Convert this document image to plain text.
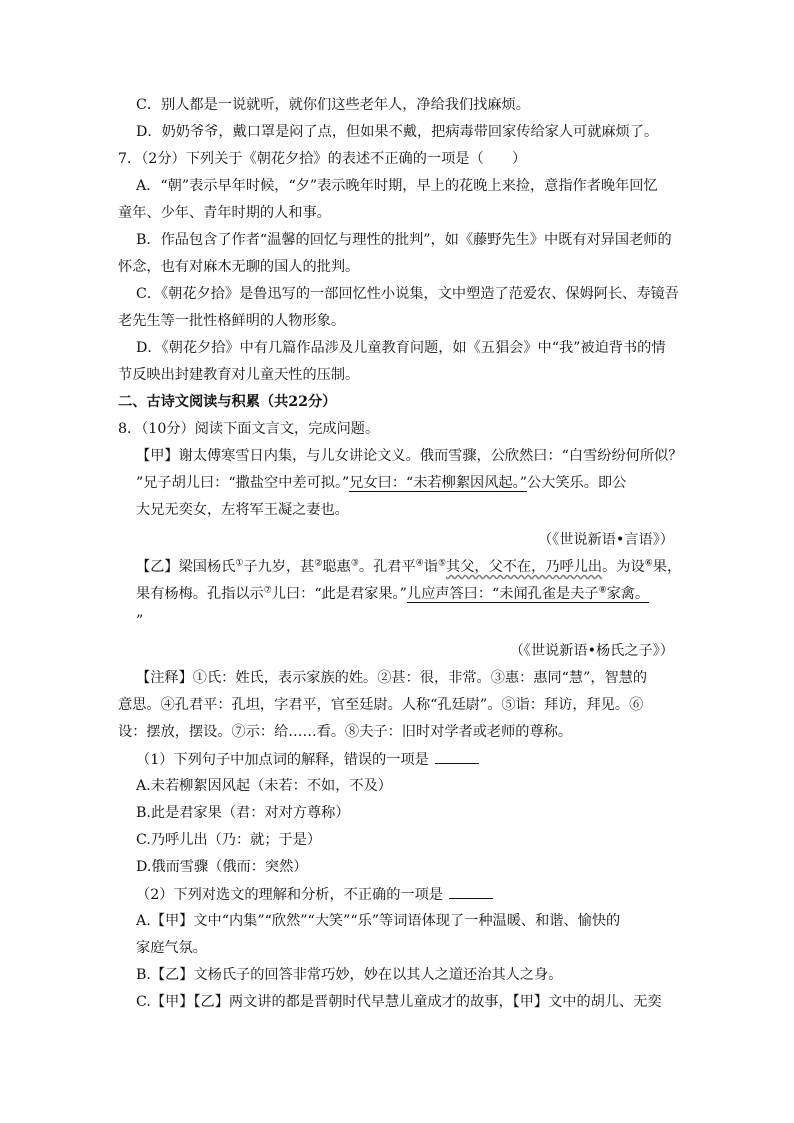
C．别人都是一说就听，就你们这些老年人，净给我们找麻烦。
D．奶奶爷爷，戴口罩是闷了点，但如果不戴，把病毒带回家传给家人可就麻烦了。
7．（2分）下列关于《朝花夕拾》的表述不正确的一项是（　　）
A．“朝”表示早年时候，“夕”表示晚年时期，早上的花晚上来捡，意指作者晚年回忆
童年、少年、青年时期的人和事。
B．作品包含了作者“温馨的回忆与理性的批判”，如《藤野先生》中既有对异国老师的
怀念，也有对麻木无聊的国人的批判。
C．《朝花夕拾》是鲁迅写的一部回忆性小说集，文中塑造了范爱农、保姆阿长、寿镜吾
老先生等一批性格鲜明的人物形象。
D．《朝花夕拾》中有几篇作品涉及儿童教育问题，如《五猖会》中“我”被迫背书的情
节反映出封建教育对儿童天性的压制。
二、古诗文阅读与积累（共22分）
8．（10分）阅读下面文言文，完成问题。
【甲】谢太傅寒雪日内集，与儿女讲论文义。俄而雪骤，公欣然曰：“白雪纷纷何所似？
”兄子胡儿曰：“撒盐空中差可拟。”兄女曰：“未若柳絮因风起。”公大笑乐。即公
大兄无奕女，左将军王凝之妻也。
（《世说新语•言语》）
【乙】梁国杨氏①子九岁，甚②聪惠③。孔君平④诣⑤其父，父不在，乃呼儿出。为设⑥果，
果有杨梅。孔指以示⑦儿曰：“此是君家果。”儿应声答曰：“未闻孔雀是夫子⑧家禽。
”
（《世说新语•杨氏之子》）
【注释】①氏：姓氏，表示家族的姓。②甚：很，非常。③惠：惠同“慧”，智慧的
意思。④孔君平：孔坦，字君平，官至廷尉。人称“孔廷尉”。⑤诣：拜访，拜见。⑥
设：摆放，摆设。⑦示：给……看。⑧夫子：旧时对学者或老师的尊称。
（1）下列句子中加点词的解释，错误的一项是
A.未若柳絮因风起（未若：不如，不及）
B.此是君家果（君：对对方尊称）
C.乃呼儿出（乃：就；于是）
D.俄而雪骤（俄而：突然）
（2）下列对选文的理解和分析，不正确的一项是
A.【甲】文中“内集”“欣然”“大笑”“乐”等词语体现了一种温暖、和谐、愉快的
家庭气氛。
B.【乙】文杨氏子的回答非常巧妙，妙在以其人之道还治其人之身。
C.【甲】【乙】两文讲的都是晋朝时代早慧儿童成才的故事，【甲】文中的胡儿、无奕
